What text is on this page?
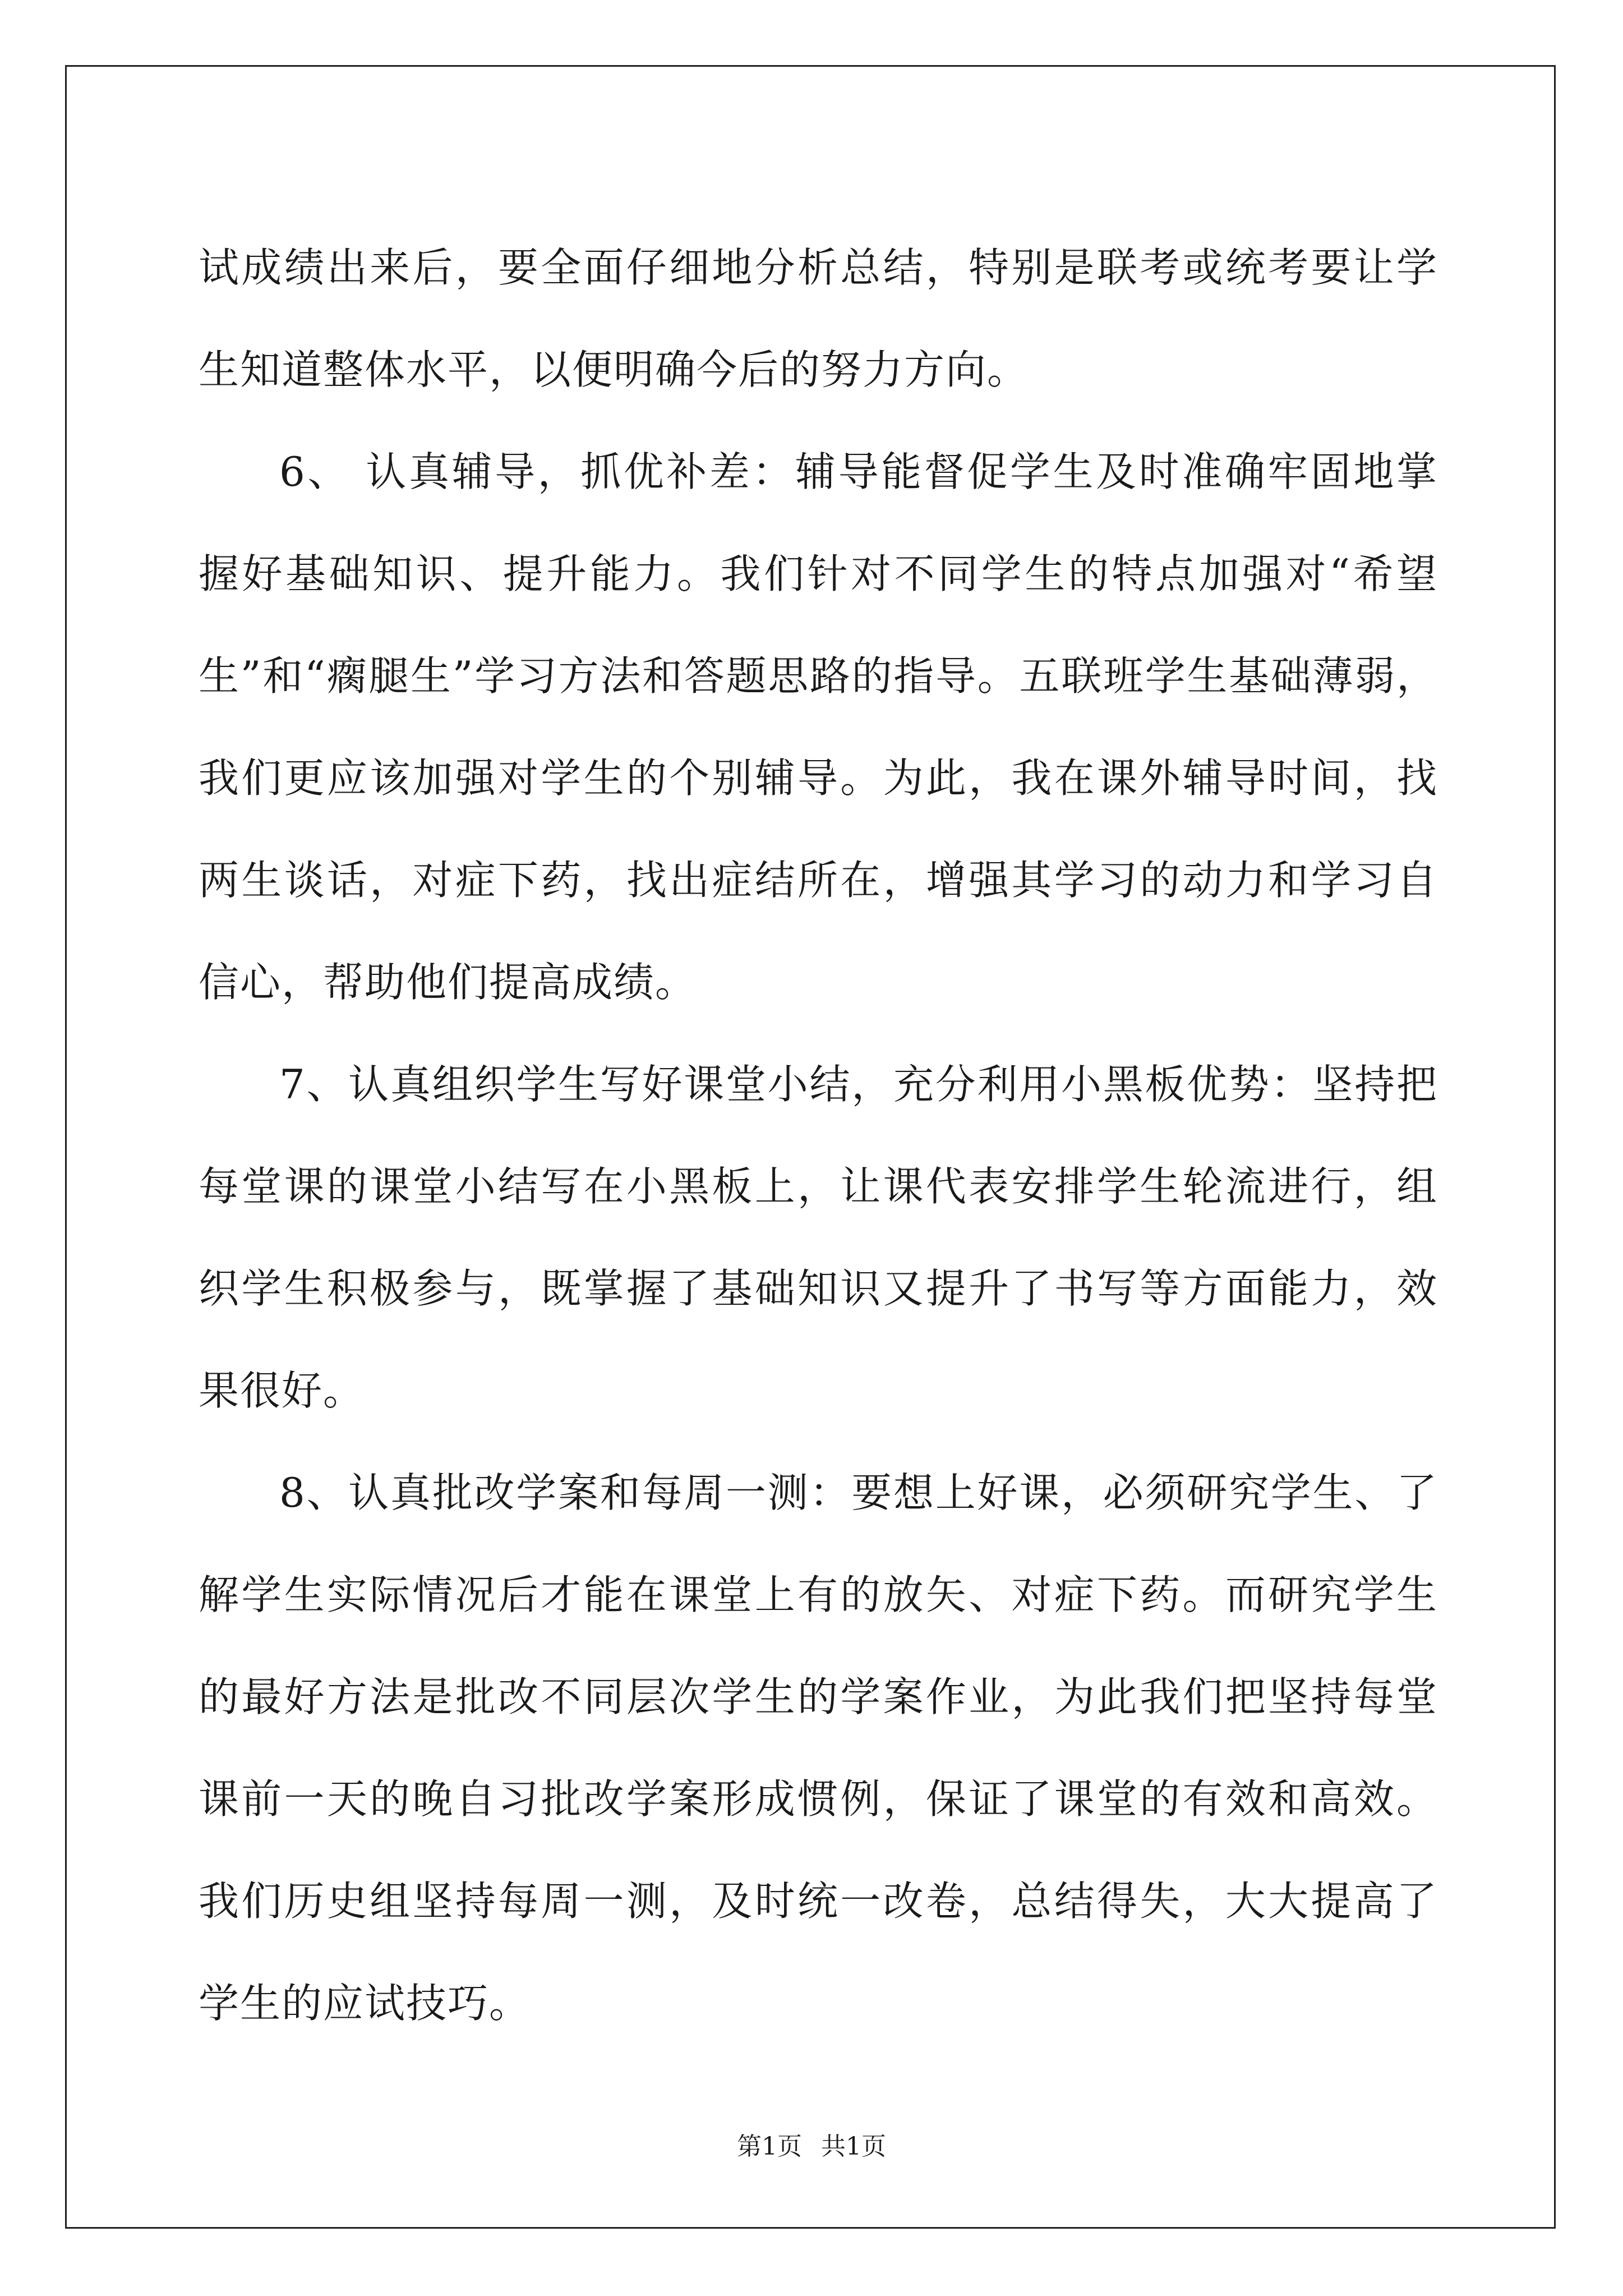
试成绩出来后，要全面仔细地分析总结，特别是联考或统考要让学生知道整体水平，以便明确今后的努力方向。

6、 认真辅导，抓优补差：辅导能督促学生及时准确牢固地掌握好基础知识、提升能力。我们针对不同学生的特点加强对“希望生”和“瘸腿生”学习方法和答题思路的指导。五联班学生基础薄弱，我们更应该加强对学生的个别辅导。为此，我在课外辅导时间，找两生谈话，对症下药，找出症结所在，增强其学习的动力和学习自信心，帮助他们提高成绩。

7、认真组织学生写好课堂小结，充分利用小黑板优势：坚持把每堂课的课堂小结写在小黑板上，让课代表安排学生轮流进行，组织学生积极参与，既掌握了基础知识又提升了书写等方面能力，效果很好。

8、认真批改学案和每周一测：要想上好课，必须研究学生、了解学生实际情况后才能在课堂上有的放矢、对症下药。而研究学生的最好方法是批改不同层次学生的学案作业，为此我们把坚持每堂课前一天的晚自习批改学案形成惯例，保证了课堂的有效和高效。我们历史组坚持每周一测，及时统一改卷，总结得失，大大提高了学生的应试技巧。

第1页 共1页
